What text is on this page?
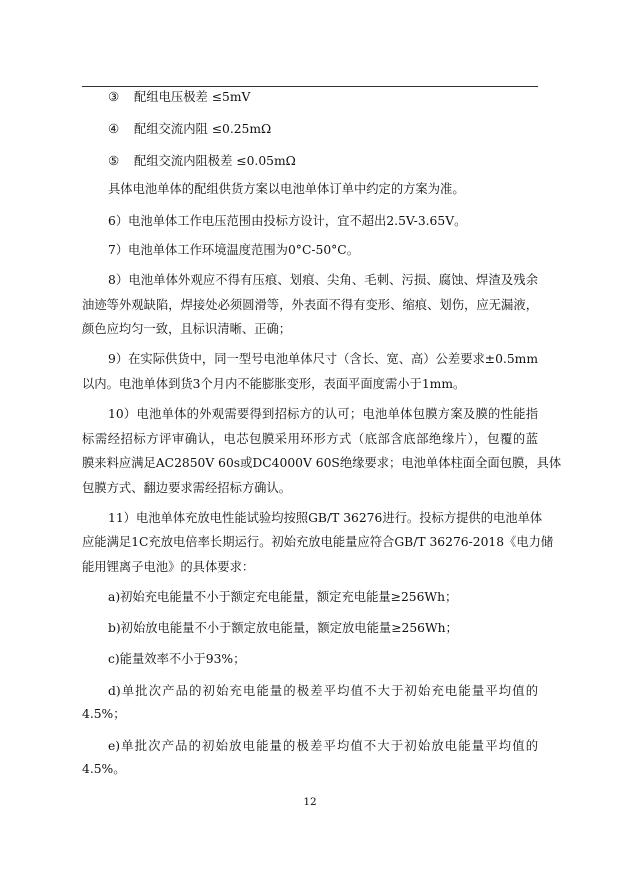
③ 配组电压极差 ≤5mV
④ 配组交流内阻 ≤0.25mΩ
⑤ 配组交流内阻极差 ≤0.05mΩ
具体电池单体的配组供货方案以电池单体订单中约定的方案为准。
6）电池单体工作电压范围由投标方设计，宜不超出2.5V-3.65V。
7）电池单体工作环境温度范围为0°C-50°C。
8）电池单体外观应不得有压痕、划痕、尖角、毛刺、污损、腐蚀、焊渣及残余
油迹等外观缺陷，焊接处必须圆滑等，外表面不得有变形、缩痕、划伤，应无漏液，
颜色应均匀一致，且标识清晰、正确；
9）在实际供货中，同一型号电池单体尺寸（含长、宽、高）公差要求±0.5mm
以内。电池单体到货3个月内不能膨胀变形，表面平面度需小于1mm。
10）电池单体的外观需要得到招标方的认可；电池单体包膜方案及膜的性能指
标需经招标方评审确认，电芯包膜采用环形方式（底部含底部绝缘片），包覆的蓝
膜来料应满足AC2850V 60s或DC4000V 60S绝缘要求；电池单体柱面全面包膜，具体
包膜方式、翻边要求需经招标方确认。
11）电池单体充放电性能试验均按照GB/T 36276进行。投标方提供的电池单体
应能满足1C充放电倍率长期运行。初始充放电能量应符合GB/T 36276-2018《电力储
能用锂离子电池》的具体要求：
a)初始充电能量不小于额定充电能量，额定充电能量≥256Wh；
b)初始放电能量不小于额定放电能量，额定放电能量≥256Wh；
c)能量效率不小于93%；
d)单批次产品的初始充电能量的极差平均值不大于初始充电能量平均值的
4.5%；
e)单批次产品的初始放电能量的极差平均值不大于初始放电能量平均值的
4.5%。
12
